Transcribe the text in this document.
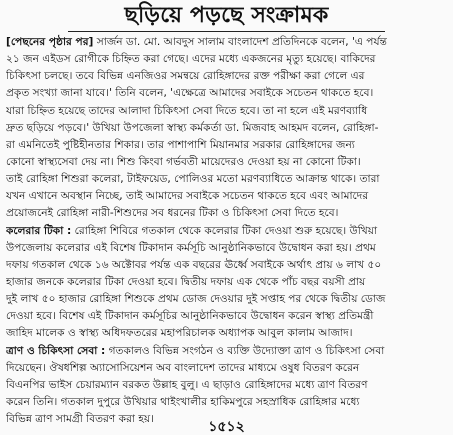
ছড়িয়ে পড়ছে সংক্রামক
[পেছনের পৃষ্ঠার পর] সার্জন ডা. মো. আবদুস সালাম বাংলাদেশ প্রতিদিনকে বলেন, 'এ পর্যন্ত
২১ জন এইডস রোগীকে চিহ্নিত করা গেছে। এদের মধ্যে একজনের মৃত্যু হয়েছে। বাকিদের
চিকিৎসা চলছে। তবে বিভিন্ন এনজিওর সমন্বয়ে রোহিঙ্গাদের রক্ত পরীক্ষা করা গেলে এর
প্রকৃত সংখ্যা জানা যাবে।' তিনি বলেন, 'এক্ষেত্রে আমাদের সবাইকে সচেতন থাকতে হবে।
যারা চিহ্নিত হয়েছে তাদের আলাদা চিকিৎসা সেবা দিতে হবে। তা না হলে এই মরণব্যাধি
দ্রুত ছড়িয়ে পড়বে।' উখিয়া উপজেলা স্বাস্থ্য কর্মকর্তা ডা. মিজবাহ আহমদ বলেন, রোহিঙ্গা-
রা এমনিতেই পুষ্টিহীনতার শিকার। তার পাশাপাশি মিয়ানমার সরকার রোহিঙ্গাদের জন্য
কোনো স্বাস্থ্যসেবা দেয় না। শিশু কিংবা গর্ভবতী মায়েদেরও দেওয়া হয় না কোনো টিকা।
তাই রোহিঙ্গা শিশুরা কলেরা, টাইফয়েড, পোলিওর মতো মরণব্যাধিতে আক্রান্ত থাকে। তারা
যখন এখানে অবস্থান নিচ্ছে, তাই আমাদের সবাইকে সচেতন থাকতে হবে এবং আমাদের
প্রয়োজনেই রোহিঙ্গা নারী-শিশুদের সব ধরনের টিকা ও চিকিৎসা সেবা দিতে হবে।
কলেরার টিকা : রোহিঙ্গা শিবিরে গতকাল থেকে কলেরার টিকা দেওয়া শুরু হয়েছে। উখিয়া
উপজেলায় কলেরার এই বিশেষ টিকাদান কর্মসূচি আনুষ্ঠানিকভাবে উদ্বোধন করা হয়। প্রথম
দফায় গতকাল থেকে ১৬ অক্টোবর পর্যন্ত এক বছরের ঊর্ধ্বে সবাইকে অর্থাৎ প্রায় ৬ লাখ ৫০
হাজার জনকে কলেরার টিকা দেওয়া হবে। দ্বিতীয় দফায় এক থেকে পাঁচ বছর বয়সী প্রায়
দুই লাখ ৫০ হাজার রোহিঙ্গা শিশুকে প্রথম ডোজ দেওয়ার দুই সপ্তাহ পর থেকে দ্বিতীয় ডোজ
দেওয়া হবে। বিশেষ এই টিকাদান কর্মসূচির আনুষ্ঠানিকভাবে উদ্বোধন করেন স্বাস্থ্য প্রতিমন্ত্রী
জাহিদ মালেক ও স্বাস্থ্য অধিদফতরের মহাপরিচালক অধ্যাপক আবুল কালাম আজাদ।
ত্রাণ ও চিকিৎসা সেবা : গতকালও বিভিন্ন সংগঠন ও ব্যক্তি উদ্যোক্তা ত্রাণ ও চিকিৎসা সেবা
দিয়েছেন। ঔষধশিল্প অ্যাসোসিয়েশন অব বাংলাদেশ তাদের মাধ্যমে ওষুধ বিতরণ করেন
বিএনপির ভাইস চেয়ারম্যান বরকত উল্লাহ বুলু। এ ছাড়াও রোহিঙ্গাদের মধ্যে ত্রাণ বিতরণ
করেন তিনি। গতকাল দুপুরে উখিয়ার থাইংখালীর হাকিমপুরে সহস্রাধিক রোহিঙ্গার মধ্যে
বিভিন্ন ত্রাণ সামগ্রী বিতরণ করা হয়।	১৫১২
